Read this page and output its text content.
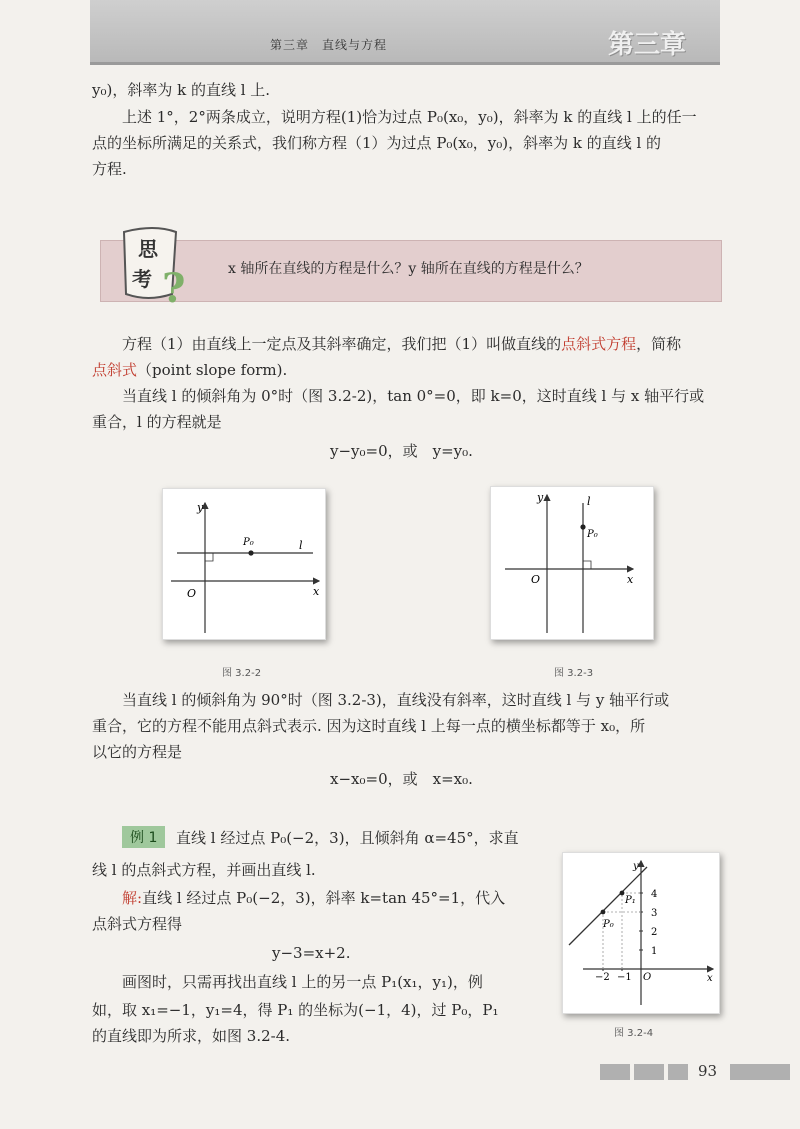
第三章　直线与方程	第三章
y₀)，斜率为 k 的直线 l 上.
上述 1°，2°两条成立，说明方程(1)恰为过点 P₀(x₀，y₀)，斜率为 k 的直线 l 上的任一
点的坐标所满足的关系式，我们称方程（1）为过点 P₀(x₀，y₀)，斜率为 k 的直线 l 的
方程.
思
考 ?	x 轴所在直线的方程是什么？y 轴所在直线的方程是什么？
方程（1）由直线上一定点及其斜率确定，我们把（1）叫做直线的点斜式方程，简称
点斜式（point slope form).
当直线 l 的倾斜角为 0°时（图 3.2-2)，tan 0°=0，即 k=0，这时直线 l 与 x 轴平行或
重合，l 的方程就是
y−y₀=0，或　y=y₀.
y
x
O
P₀	l
图 3.2-2
y
x
O
P₀
l
图 3.2-3
当直线 l 的倾斜角为 90°时（图 3.2-3)，直线没有斜率，这时直线 l 与 y 轴平行或
重合，它的方程不能用点斜式表示. 因为这时直线 l 上每一点的横坐标都等于 x₀，所
以它的方程是
x−x₀=0，或　x=x₀.
例 1	直线 l 经过点 P₀(−2，3)，且倾斜角 α=45°，求直
线 l 的点斜式方程，并画出直线 l.
解:直线 l 经过点 P₀(−2，3)，斜率 k=tan 45°=1，代入
点斜式方程得
y−3=x+2.
画图时，只需再找出直线 l 上的另一点 P₁(x₁，y₁)，例
如，取 x₁=−1，y₁=4，得 P₁ 的坐标为(−1，4)，过 P₀，P₁
的直线即为所求，如图 3.2-4.
y
x
O
P₀
P₁
4
3
2
1
−2 −1
图 3.2-4
93
